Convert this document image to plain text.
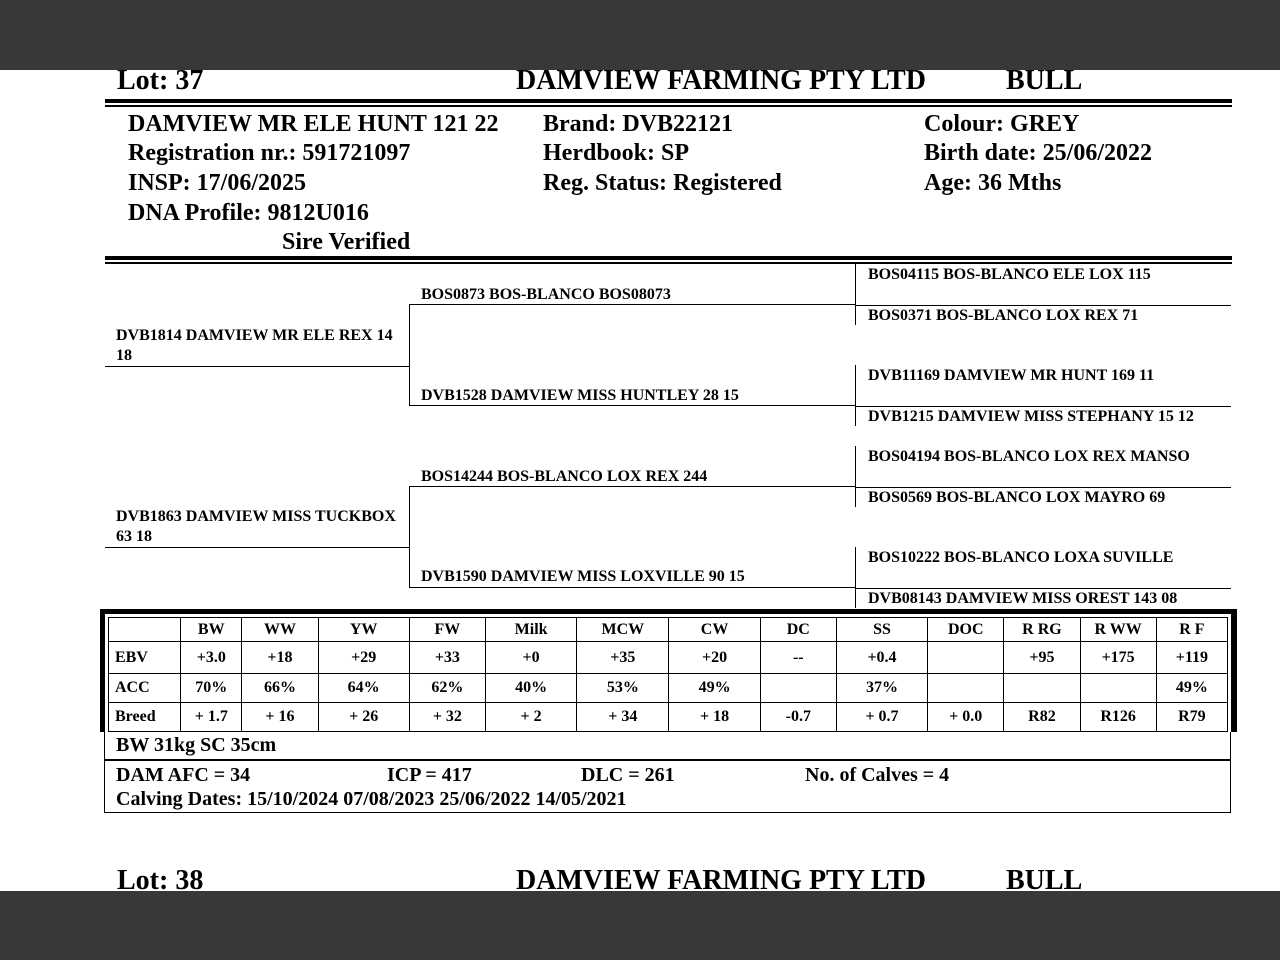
Lot: 37	DAMVIEW FARMING PTY LTD	BULL
DAMVIEW MR ELE HUNT 121 22 Brand: DVB22121	Colour: GREY
Registration nr.: 591721097	Herdbook: SP	Birth date: 25/06/2022
INSP: 17/06/2025	Reg. Status: Registered	Age: 36 Mths
DNA Profile: 9812U016
Sire Verified
DVB1814 DAMVIEW MR ELE REX 14 18
DVB1863 DAMVIEW MISS TUCKBOX 63 18
BOS0873 BOS-BLANCO BOS08073
DVB1528 DAMVIEW MISS HUNTLEY 28 15
BOS14244 BOS-BLANCO LOX REX 244
DVB1590 DAMVIEW MISS LOXVILLE 90 15
BOS04115 BOS-BLANCO ELE LOX 115
BOS0371 BOS-BLANCO LOX REX 71
DVB11169 DAMVIEW MR HUNT 169 11
DVB1215 DAMVIEW MISS STEPHANY 15 12
BOS04194 BOS-BLANCO LOX REX MANSO
BOS0569 BOS-BLANCO LOX MAYRO 69
BOS10222 BOS-BLANCO LOXA SUVILLE
DVB08143 DAMVIEW MISS OREST 143 08
	BW	WW	YW	FW	Milk	MCW	CW	DC	SS	DOC	R RG	R WW	R F
EBV	+3.0	+18	+29	+33	+0	+35	+20	--	+0.4		+95	+175	+119
ACC	70%	66%	64%	62%	40%	53%	49%		37%				49%
Breed	+ 1.7	+ 16	+ 26	+ 32	+ 2	+ 34	+ 18	-0.7	+ 0.7	+ 0.0	R82	R126	R79
BW 31kg SC 35cm
DAM AFC = 34	ICP = 417	DLC = 261	No. of Calves = 4
Calving Dates: 15/10/2024 07/08/2023 25/06/2022 14/05/2021
Lot: 38	DAMVIEW FARMING PTY LTD	BULL
